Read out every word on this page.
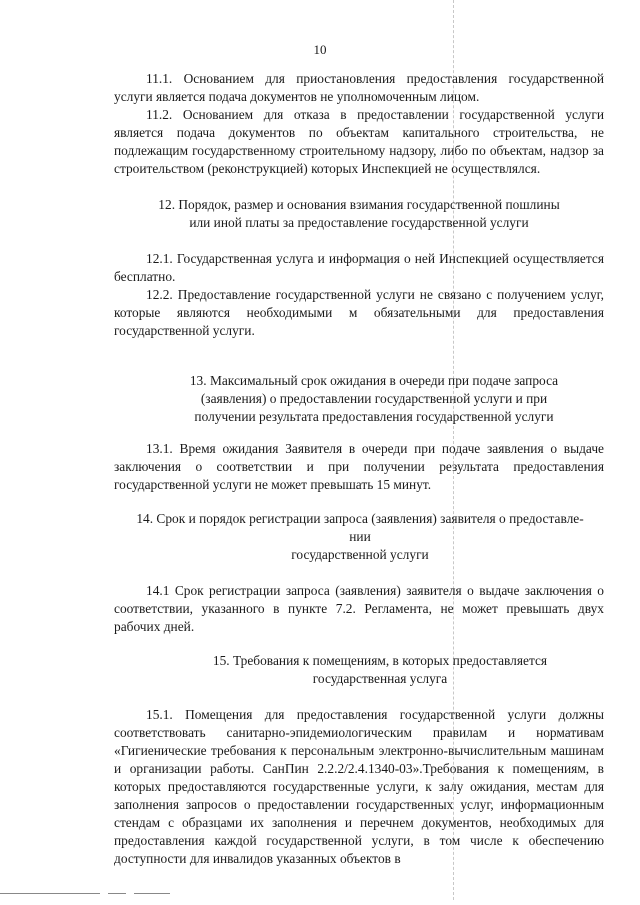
10

11.1. Основанием для приостановления предоставления государственной услуги является подача документов не уполномоченным лицом.

11.2. Основанием для отказа в предоставлении государственной услуги является подача документов по объектам капитального строительства, не подлежащим государственному строительному надзору, либо по объектам, надзор за строительством (реконструкцией) которых Инспекцией не осуществлялся.

12. Порядок, размер и основания взимания государственной пошлины
или иной платы за предоставление государственной услуги

12.1. Государственная услуга и информация о ней Инспекцией осуществляется бесплатно.

12.2. Предоставление государственной услуги не связано с получением услуг, которые являются необходимыми м обязательными для предоставления государственной услуги.

13. Максимальный срок ожидания в очереди при подаче запроса
(заявления) о предоставлении государственной услуги и при
получении результата предоставления государственной услуги

13.1. Время ожидания Заявителя в очереди при подаче заявления о выдаче заключения о соответствии и при получении результата предоставления государственной услуги не может превышать 15 минут.

14. Срок и порядок регистрации запроса (заявления) заявителя о предоставле-
нии
государственной услуги

14.1 Срок регистрации запроса (заявления) заявителя о выдаче заключения о соответствии, указанного в пункте 7.2. Регламента, не может превышать двух рабочих дней.

15. Требования к помещениям, в которых предоставляется
государственная услуга

15.1. Помещения для предоставления государственной услуги должны соответствовать санитарно-эпидемиологическим правилам и нормативам «Гигиенические требования к персональным электронно-вычислительным машинам и организации работы. СанПин 2.2.2/2.4.1340-03».Требования к помещениям, в которых предоставляются государственные услуги, к залу ожидания, местам для заполнения запросов о предоставлении государственных услуг, информационным стендам с образцами их заполнения и перечнем документов, необходимых для предоставления каждой государственной услуги, в том числе к обеспечению доступности для инвалидов указанных объектов в
